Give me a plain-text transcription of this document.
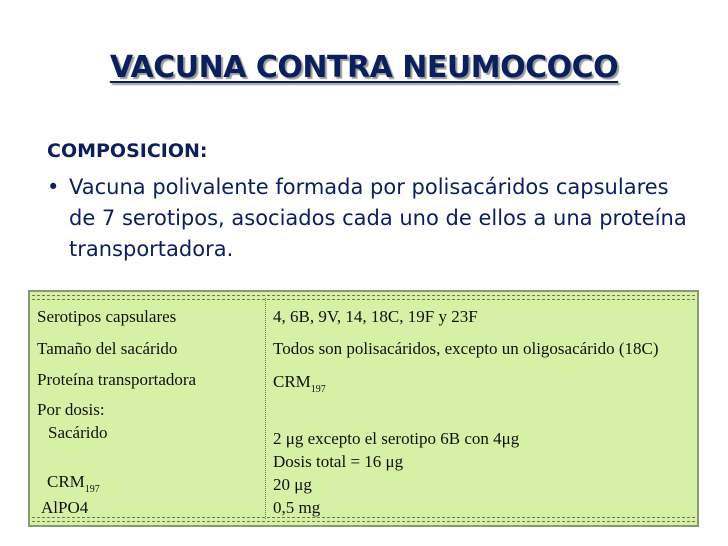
VACUNA CONTRA NEUMOCOCO
COMPOSICION:
• Vacuna polivalente formada por polisacáridos capsulares de 7 serotipos, asociados cada uno de ellos a una proteína transportadora.
Serotipos capsulares	4, 6B, 9V, 14, 18C, 19F y 23F
Tamaño del sacárido	Todos son polisacáridos, excepto un oligosacárido (18C)
Proteína transportadora	$CRM_{197}$
Por dosis:
Sacárido	2 μg excepto el serotipo 6B con 4μg
Dosis total = 16 μg
$CRM_{197}$	20 μg
AlPO4	0,5 mg
